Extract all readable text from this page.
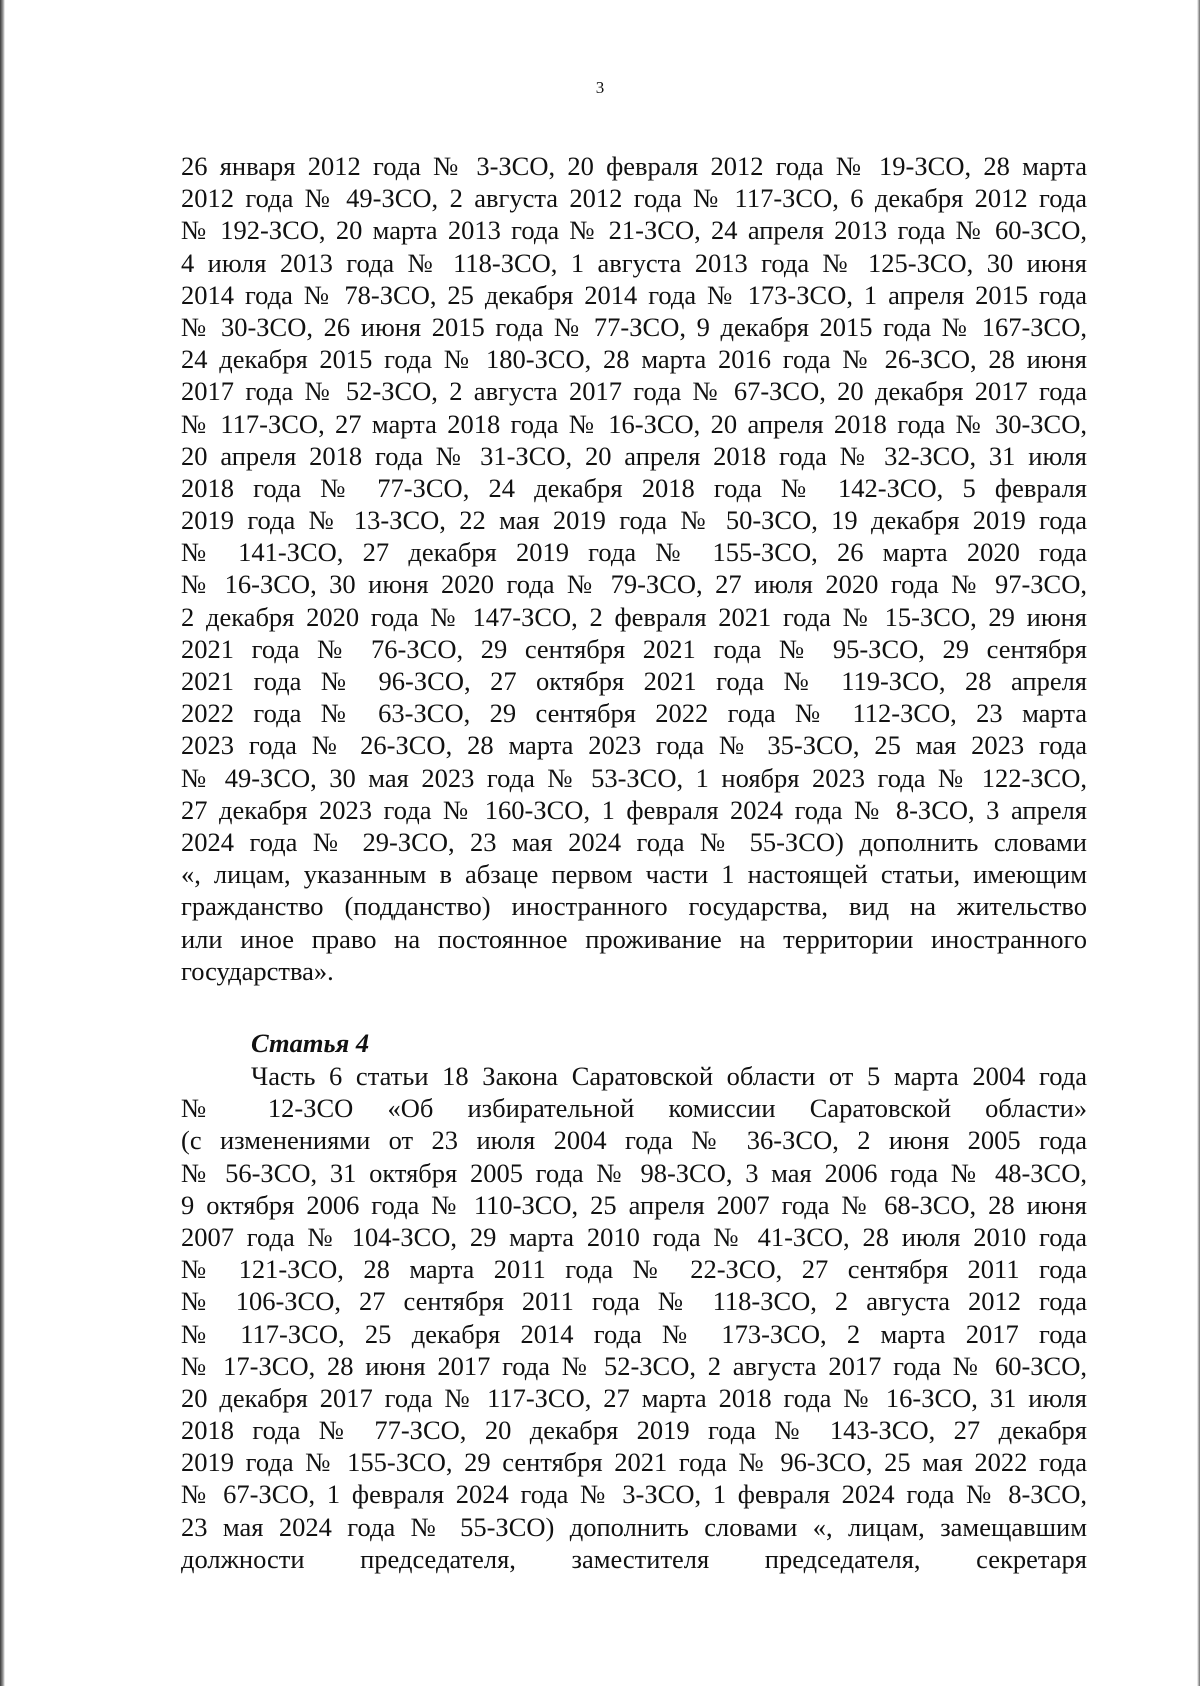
3
26 января 2012 года № 3-ЗСО, 20 февраля 2012 года № 19-ЗСО, 28 марта
2012 года № 49-ЗСО, 2 августа 2012 года № 117-ЗСО, 6 декабря 2012 года
№ 192-ЗСО, 20 марта 2013 года № 21-ЗСО, 24 апреля 2013 года № 60-ЗСО,
4 июля 2013 года № 118-ЗСО, 1 августа 2013 года № 125-ЗСО, 30 июня
2014 года № 78-ЗСО, 25 декабря 2014 года № 173-ЗСО, 1 апреля 2015 года
№ 30-ЗСО, 26 июня 2015 года № 77-ЗСО, 9 декабря 2015 года № 167-ЗСО,
24 декабря 2015 года № 180-ЗСО, 28 марта 2016 года № 26-ЗСО, 28 июня
2017 года № 52-ЗСО, 2 августа 2017 года № 67-ЗСО, 20 декабря 2017 года
№ 117-ЗСО, 27 марта 2018 года № 16-ЗСО, 20 апреля 2018 года № 30-ЗСО,
20 апреля 2018 года № 31-ЗСО, 20 апреля 2018 года № 32-ЗСО, 31 июля
2018 года № 77-ЗСО, 24 декабря 2018 года № 142-ЗСО, 5 февраля
2019 года № 13-ЗСО, 22 мая 2019 года № 50-ЗСО, 19 декабря 2019 года
№ 141-ЗСО, 27 декабря 2019 года № 155-ЗСО, 26 марта 2020 года
№ 16-ЗСО, 30 июня 2020 года № 79-ЗСО, 27 июля 2020 года № 97-ЗСО,
2 декабря 2020 года № 147-ЗСО, 2 февраля 2021 года № 15-ЗСО, 29 июня
2021 года № 76-ЗСО, 29 сентября 2021 года № 95-ЗСО, 29 сентября
2021 года № 96-ЗСО, 27 октября 2021 года № 119-ЗСО, 28 апреля
2022 года № 63-ЗСО, 29 сентября 2022 года № 112-ЗСО, 23 марта
2023 года № 26-ЗСО, 28 марта 2023 года № 35-ЗСО, 25 мая 2023 года
№ 49-ЗСО, 30 мая 2023 года № 53-ЗСО, 1 ноября 2023 года № 122-ЗСО,
27 декабря 2023 года № 160-ЗСО, 1 февраля 2024 года № 8-ЗСО, 3 апреля
2024 года № 29-ЗСО, 23 мая 2024 года № 55-ЗСО) дополнить словами
«, лицам, указанным в абзаце первом части 1 настоящей статьи, имеющим
гражданство (подданство) иностранного государства, вид на жительство
или иное право на постоянное проживание на территории иностранного
государства».
Статья 4
Часть 6 статьи 18 Закона Саратовской области от 5 марта 2004 года
№ 12-ЗСО «Об избирательной комиссии Саратовской области»
(с изменениями от 23 июля 2004 года № 36-ЗСО, 2 июня 2005 года
№ 56-ЗСО, 31 октября 2005 года № 98-ЗСО, 3 мая 2006 года № 48-ЗСО,
9 октября 2006 года № 110-ЗСО, 25 апреля 2007 года № 68-ЗСО, 28 июня
2007 года № 104-ЗСО, 29 марта 2010 года № 41-ЗСО, 28 июля 2010 года
№ 121-ЗСО, 28 марта 2011 года № 22-ЗСО, 27 сентября 2011 года
№ 106-ЗСО, 27 сентября 2011 года № 118-ЗСО, 2 августа 2012 года
№ 117-ЗСО, 25 декабря 2014 года № 173-ЗСО, 2 марта 2017 года
№ 17-ЗСО, 28 июня 2017 года № 52-ЗСО, 2 августа 2017 года № 60-ЗСО,
20 декабря 2017 года № 117-ЗСО, 27 марта 2018 года № 16-ЗСО, 31 июля
2018 года № 77-ЗСО, 20 декабря 2019 года № 143-ЗСО, 27 декабря
2019 года № 155-ЗСО, 29 сентября 2021 года № 96-ЗСО, 25 мая 2022 года
№ 67-ЗСО, 1 февраля 2024 года № 3-ЗСО, 1 февраля 2024 года № 8-ЗСО,
23 мая 2024 года № 55-ЗСО) дополнить словами «, лицам, замещавшим
должности председателя, заместителя председателя, секретаря
